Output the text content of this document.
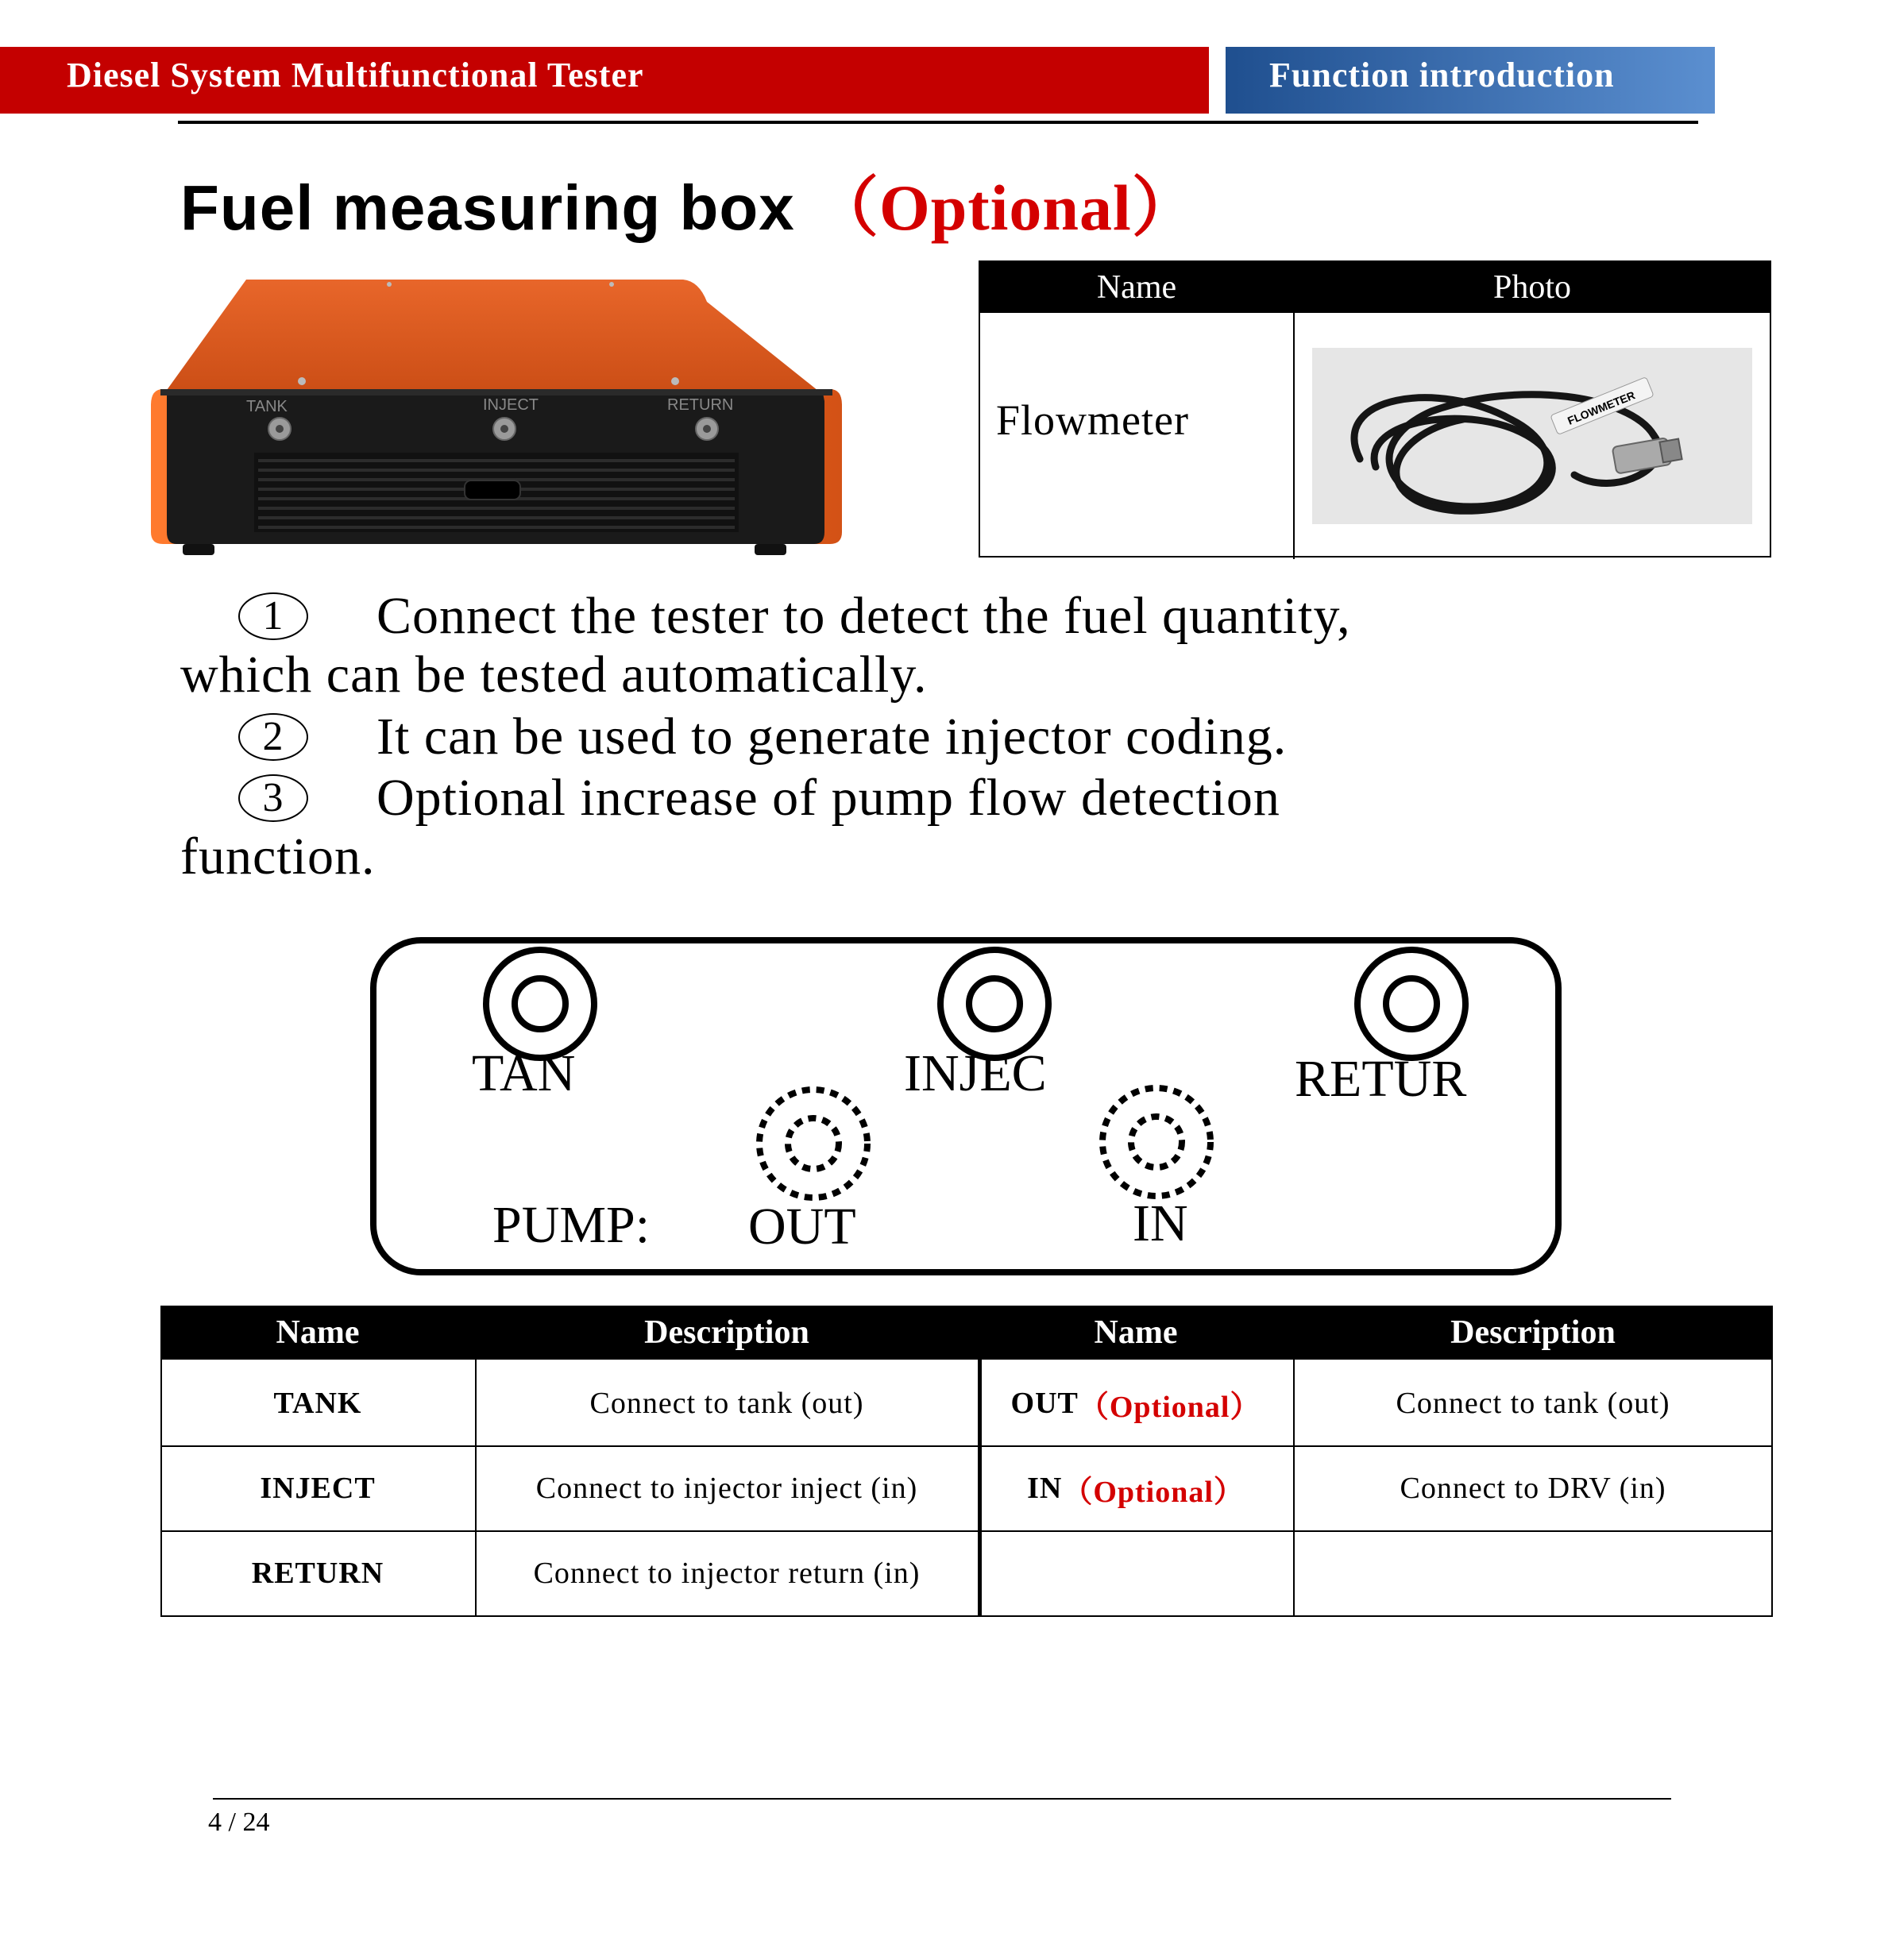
Diesel System Multifunctional Tester	Function introduction
Fuel measuring box （Optional）
TANK	INJECT	RETURN
Name	Photo
Flowmeter	FLOWMETER
1 Connect the tester to detect the fuel quantity,
which can be tested automatically.
2 It can be used to generate injector coding.
3 Optional increase of pump flow detection
function.
TAN	INJEC	RETUR
PUMP: OUT	IN
Name	Description	Name	Description
TANK	Connect to tank (out)	OUT （Optional）	Connect to tank (out)
INJECT	Connect to injector inject (in)	IN （Optional）	Connect to DRV (in)
RETURN	Connect to injector return (in)
4 / 24
